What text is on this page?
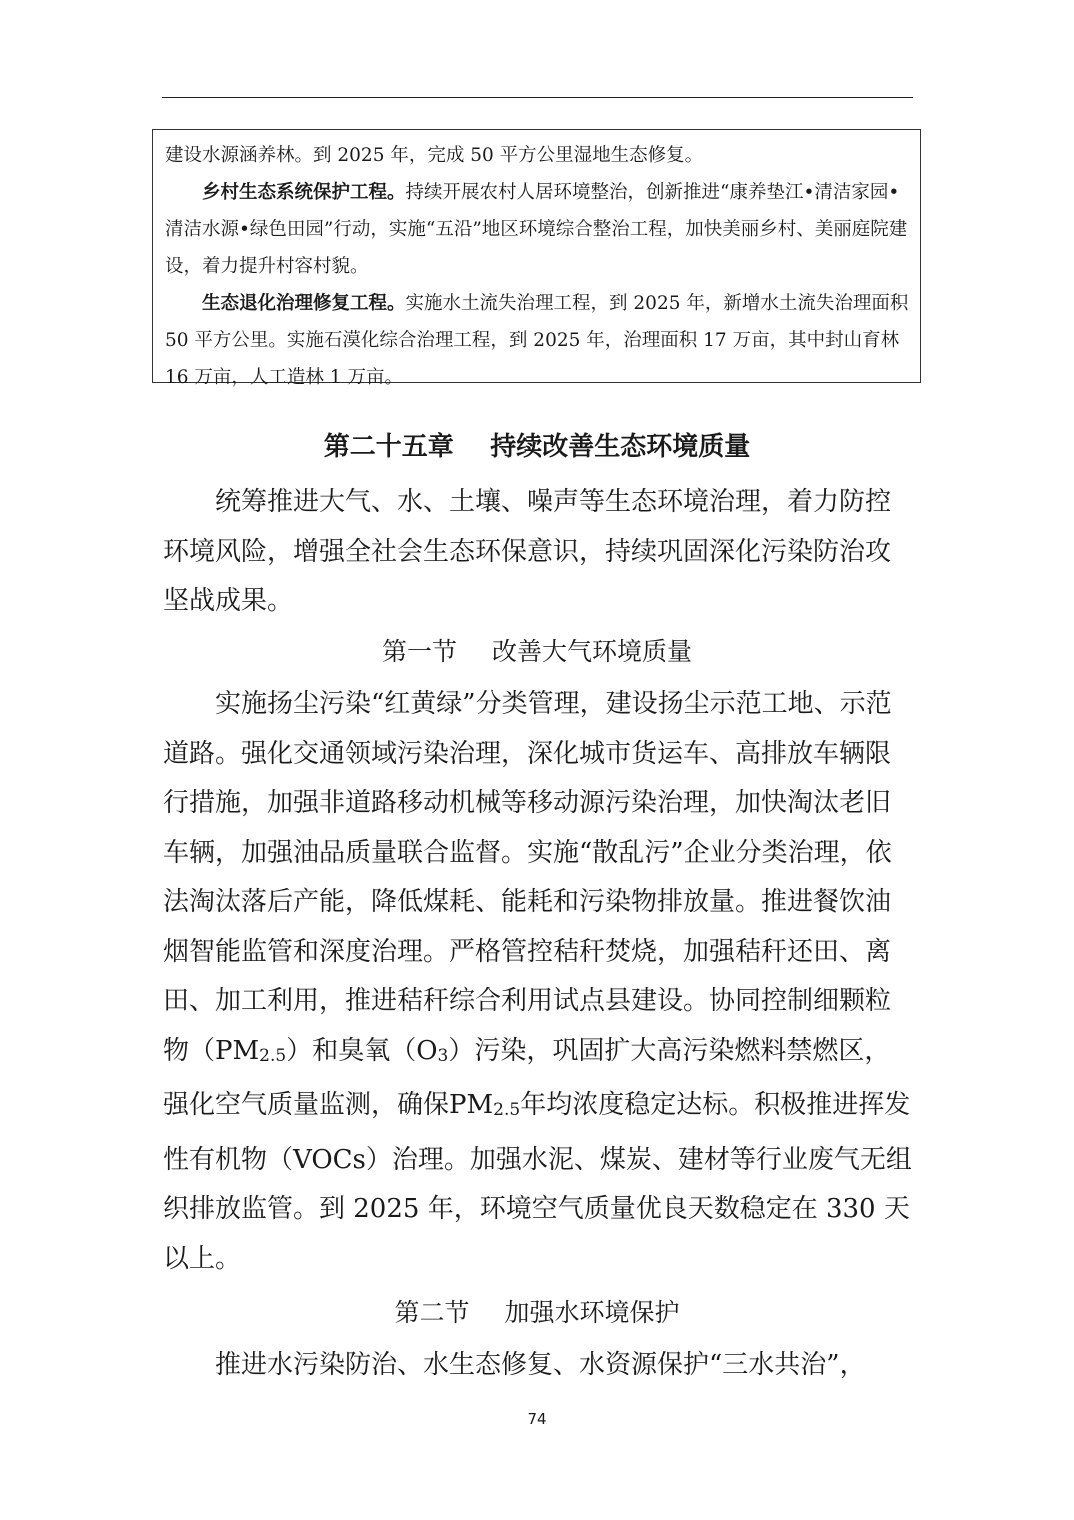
建设水源涵养林。到 2025 年，完成 50 平方公里湿地生态修复。

乡村生态系统保护工程。持续开展农村人居环境整治，创新推进“康养垫江•清洁家园•清洁水源•绿色田园”行动，实施“五沿”地区环境综合整治工程，加快美丽乡村、美丽庭院建设，着力提升村容村貌。

生态退化治理修复工程。实施水土流失治理工程，到 2025 年，新增水土流失治理面积 50 平方公里。实施石漠化综合治理工程，到 2025 年，治理面积 17 万亩，其中封山育林 16 万亩，人工造林 1 万亩。

第二十五章 持续改善生态环境质量

统筹推进大气、水、土壤、噪声等生态环境治理，着力防控环境风险，增强全社会生态环保意识，持续巩固深化污染防治攻坚战成果。

第一节 改善大气环境质量

实施扬尘污染“红黄绿”分类管理，建设扬尘示范工地、示范道路。强化交通领域污染治理，深化城市货运车、高排放车辆限行措施，加强非道路移动机械等移动源污染治理，加快淘汰老旧车辆，加强油品质量联合监督。实施“散乱污”企业分类治理，依法淘汰落后产能，降低煤耗、能耗和污染物排放量。推进餐饮油烟智能监管和深度治理。严格管控秸秆焚烧，加强秸秆还田、离田、加工利用，推进秸秆综合利用试点县建设。协同控制细颗粒物$(PM_{2.5})$和臭氧$(O_3)$污染，巩固扩大高污染燃料禁燃区，强化空气质量监测，确保$PM_{2.5}$年均浓度稳定达标。积极推进挥发性有机物（VOCs）治理。加强水泥、煤炭、建材等行业废气无组织排放监管。到 2025 年，环境空气质量优良天数稳定在 330 天以上。

第二节 加强水环境保护

推进水污染防治、水生态修复、水资源保护“三水共治”，

74
